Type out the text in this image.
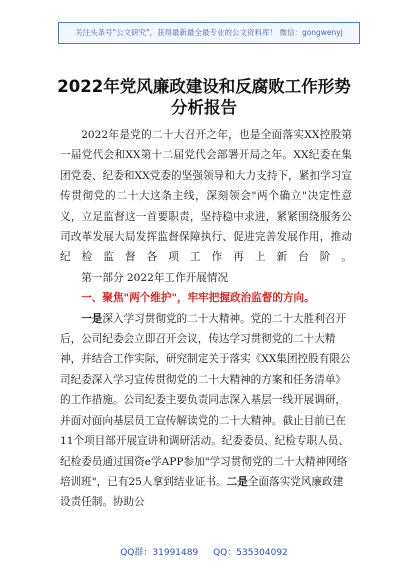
关注头条号"公文研究"，获得最新最全最专业的公文资料库！ 微信：gongwenyj
2022年党风廉政建设和反腐败工作形势
分析报告

2022年是党的二十大召开之年，也是全面落实XX控股第一届党代会和XX第十二届党代会部署开局之年。XX纪委在集团党委、纪委和XX党委的坚强领导和大力支持下，紧扣学习宣传贯彻党的二十大这条主线，深刻领会"两个确立"决定性意义，立足监督这一首要职责，坚持稳中求进，紧紧围绕服务公司改革发展大局发挥监督保障执行、促进完善发展作用，推动纪检监督各项工作再上新台阶。

第一部分 2022年工作开展情况

一、聚焦"两个维护"，牢牢把握政治监督的方向。

一是深入学习贯彻党的二十大精神。党的二十大胜利召开后，公司纪委会立即召开会议，传达学习贯彻党的二十大精神，并结合工作实际，研究制定关于落实《XX集团控股有限公司纪委深入学习宣传贯彻党的二十大精神的方案和任务清单》的工作措施。公司纪委主要负责同志深入基层一线开展调研，并面对面向基层员工宣传解读党的二十大精神。截止目前已在11个项目部开展宣讲和调研活动。纪委委员、纪检专职人员、纪检委员通过国资e学APP参加"学习贯彻党的二十大精神网络培训班"，已有25人拿到结业证书。二是全面落实党风廉政建设责任制。协助公

QQ群：31991489 QQ：535304092
